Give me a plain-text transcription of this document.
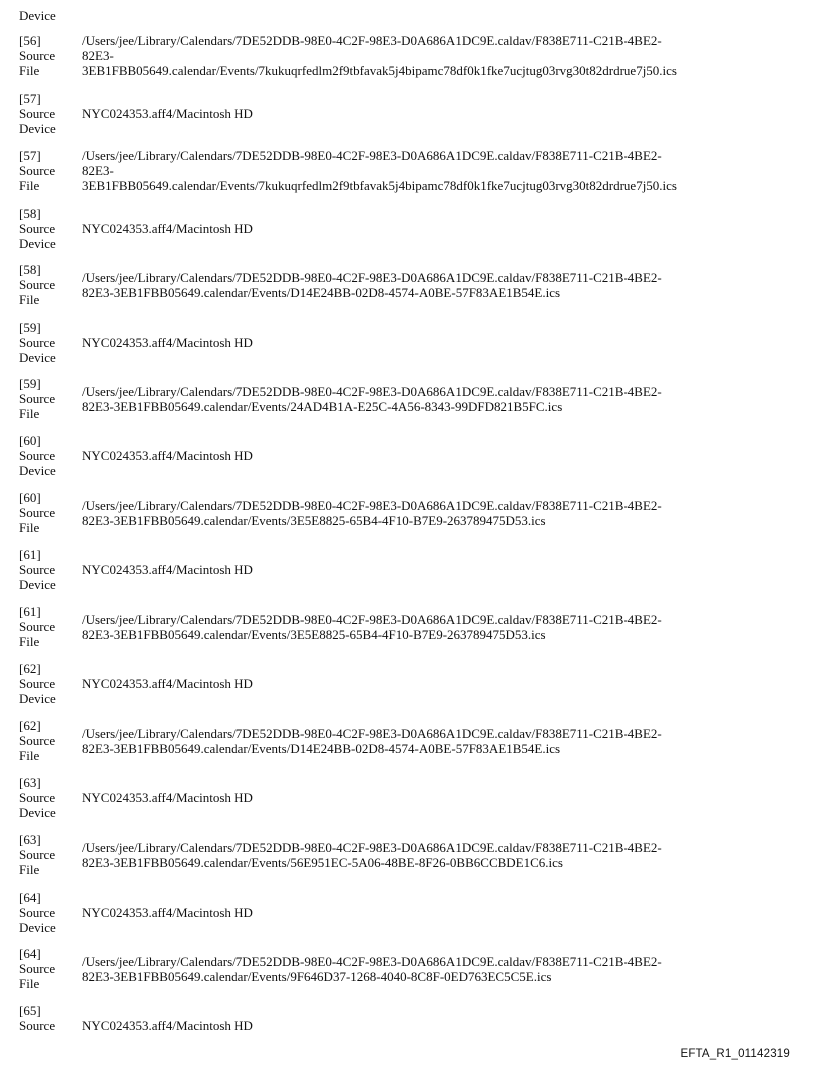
Device
[56]
Source
File
/Users/jee/Library/Calendars/7DE52DDB-98E0-4C2F-98E3-D0A686A1DC9E.caldav/F838E711-C21B-4BE2-
82E3-
3EB1FBB05649.calendar/Events/7kukuqrfedlm2f9tbfavak5j4bipamc78df0k1fke7ucjtug03rvg30t82drdrue7j50.ics
[57]
Source
Device
NYC024353.aff4/Macintosh HD
[57]
Source
File
/Users/jee/Library/Calendars/7DE52DDB-98E0-4C2F-98E3-D0A686A1DC9E.caldav/F838E711-C21B-4BE2-
82E3-
3EB1FBB05649.calendar/Events/7kukuqrfedlm2f9tbfavak5j4bipamc78df0k1fke7ucjtug03rvg30t82drdrue7j50.ics
[58]
Source
Device
NYC024353.aff4/Macintosh HD
[58]
Source
File
/Users/jee/Library/Calendars/7DE52DDB-98E0-4C2F-98E3-D0A686A1DC9E.caldav/F838E711-C21B-4BE2-
82E3-3EB1FBB05649.calendar/Events/D14E24BB-02D8-4574-A0BE-57F83AE1B54E.ics
[59]
Source
Device
NYC024353.aff4/Macintosh HD
[59]
Source
File
/Users/jee/Library/Calendars/7DE52DDB-98E0-4C2F-98E3-D0A686A1DC9E.caldav/F838E711-C21B-4BE2-
82E3-3EB1FBB05649.calendar/Events/24AD4B1A-E25C-4A56-8343-99DFD821B5FC.ics
[60]
Source
Device
NYC024353.aff4/Macintosh HD
[60]
Source
File
/Users/jee/Library/Calendars/7DE52DDB-98E0-4C2F-98E3-D0A686A1DC9E.caldav/F838E711-C21B-4BE2-
82E3-3EB1FBB05649.calendar/Events/3E5E8825-65B4-4F10-B7E9-263789475D53.ics
[61]
Source
Device
NYC024353.aff4/Macintosh HD
[61]
Source
File
/Users/jee/Library/Calendars/7DE52DDB-98E0-4C2F-98E3-D0A686A1DC9E.caldav/F838E711-C21B-4BE2-
82E3-3EB1FBB05649.calendar/Events/3E5E8825-65B4-4F10-B7E9-263789475D53.ics
[62]
Source
Device
NYC024353.aff4/Macintosh HD
[62]
Source
File
/Users/jee/Library/Calendars/7DE52DDB-98E0-4C2F-98E3-D0A686A1DC9E.caldav/F838E711-C21B-4BE2-
82E3-3EB1FBB05649.calendar/Events/D14E24BB-02D8-4574-A0BE-57F83AE1B54E.ics
[63]
Source
Device
NYC024353.aff4/Macintosh HD
[63]
Source
File
/Users/jee/Library/Calendars/7DE52DDB-98E0-4C2F-98E3-D0A686A1DC9E.caldav/F838E711-C21B-4BE2-
82E3-3EB1FBB05649.calendar/Events/56E951EC-5A06-48BE-8F26-0BB6CCBDE1C6.ics
[64]
Source
Device
NYC024353.aff4/Macintosh HD
[64]
Source
File
/Users/jee/Library/Calendars/7DE52DDB-98E0-4C2F-98E3-D0A686A1DC9E.caldav/F838E711-C21B-4BE2-
82E3-3EB1FBB05649.calendar/Events/9F646D37-1268-4040-8C8F-0ED763EC5C5E.ics
[65]
Source	NYC024353.aff4/Macintosh HD
EFTA_R1_01142319
